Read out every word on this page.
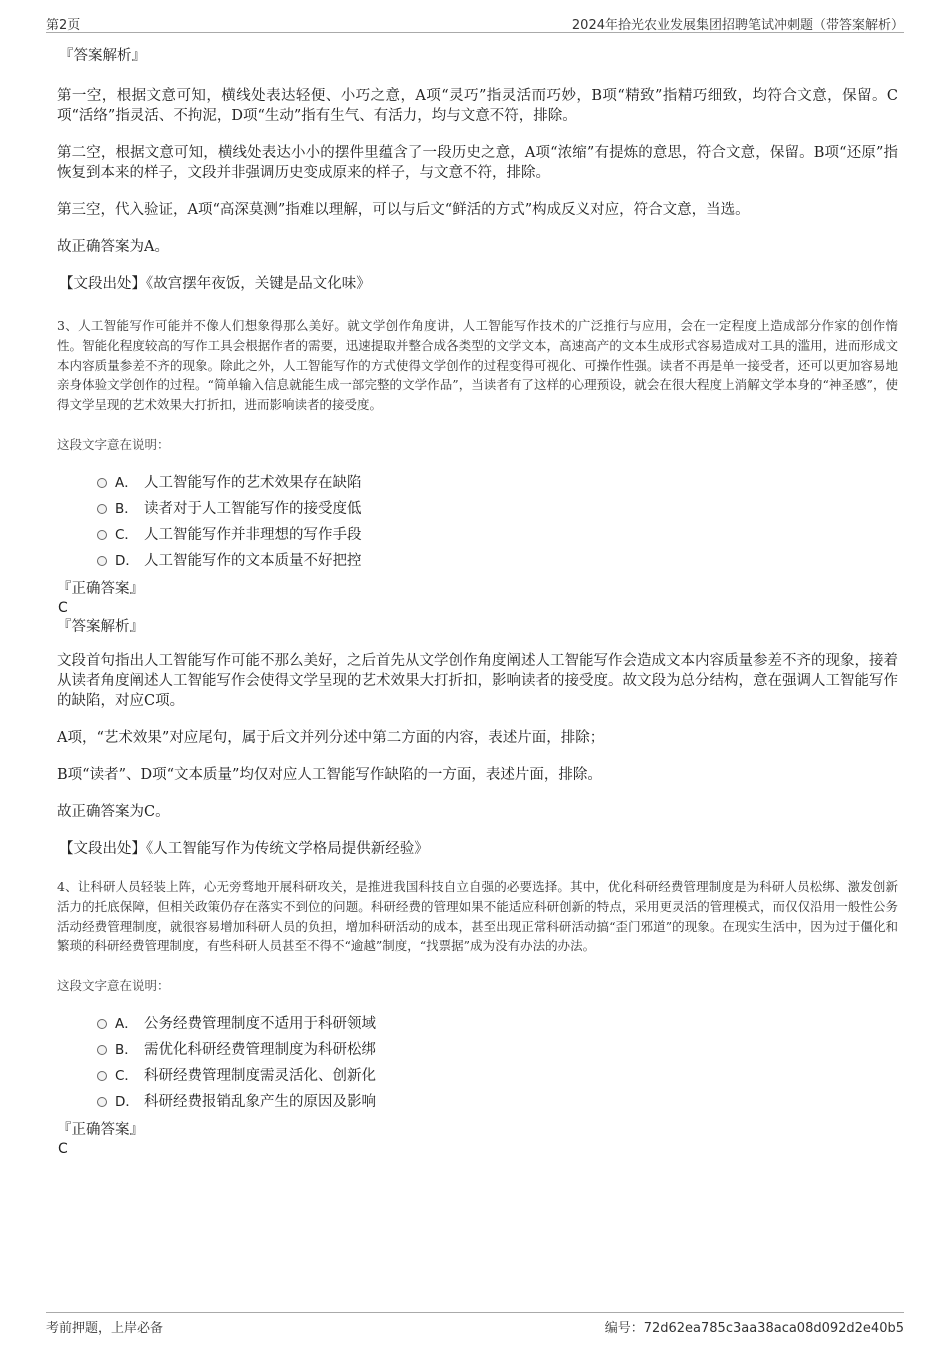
第2页	2024年拾光农业发展集团招聘笔试冲刺题（带答案解析）
『答案解析』

第一空，根据文意可知，横线处表达轻便、小巧之意，A项“灵巧”指灵活而巧妙，B项“精致”指精巧细致，均符合文意，保留。C项“活络”指灵活、不拘泥，D项“生动”指有生气、有活力，均与文意不符，排除。

第二空，根据文意可知，横线处表达小小的摆件里蕴含了一段历史之意，A项“浓缩”有提炼的意思，符合文意，保留。B项“还原”指恢复到本来的样子，文段并非强调历史变成原来的样子，与文意不符，排除。

第三空，代入验证，A项“高深莫测”指难以理解，可以与后文“鲜活的方式”构成反义对应，符合文意，当选。

故正确答案为A。

【文段出处】《故宫摆年夜饭，关键是品文化味》
3、人工智能写作可能并不像人们想象得那么美好。就文学创作角度讲，人工智能写作技术的广泛推行与应用，会在一定程度上造成部分作家的创作惰性。智能化程度较高的写作工具会根据作者的需要，迅速提取并整合成各类型的文学文本，高速高产的文本生成形式容易造成对工具的滥用，进而形成文本内容质量参差不齐的现象。除此之外，人工智能写作的方式使得文学创作的过程变得可视化、可操作性强。读者不再是单一接受者，还可以更加容易地亲身体验文学创作的过程。“简单输入信息就能生成一部完整的文学作品”，当读者有了这样的心理预设，就会在很大程度上消解文学本身的“神圣感”，使得文学呈现的艺术效果大打折扣，进而影响读者的接受度。
这段文字意在说明：
A． 人工智能写作的艺术效果存在缺陷
B． 读者对于人工智能写作的接受度低
C． 人工智能写作并非理想的写作手段
D． 人工智能写作的文本质量不好把控
『正确答案』
C
『答案解析』

文段首句指出人工智能写作可能不那么美好，之后首先从文学创作角度阐述人工智能写作会造成文本内容质量参差不齐的现象，接着从读者角度阐述人工智能写作会使得文学呈现的艺术效果大打折扣，影响读者的接受度。故文段为总分结构，意在强调人工智能写作的缺陷，对应C项。

A项，“艺术效果”对应尾句，属于后文并列分述中第二方面的内容，表述片面，排除；

B项“读者”、D项“文本质量”均仅对应人工智能写作缺陷的一方面，表述片面，排除。

故正确答案为C。

【文段出处】《人工智能写作为传统文学格局提供新经验》
4、让科研人员轻装上阵，心无旁骛地开展科研攻关，是推进我国科技自立自强的必要选择。其中，优化科研经费管理制度是为科研人员松绑、激发创新活力的托底保障，但相关政策仍存在落实不到位的问题。科研经费的管理如果不能适应科研创新的特点，采用更灵活的管理模式，而仅仅沿用一般性公务活动经费管理制度，就很容易增加科研人员的负担，增加科研活动的成本，甚至出现正常科研活动搞“歪门邪道”的现象。在现实生活中，因为过于僵化和繁琐的科研经费管理制度，有些科研人员甚至不得不“逾越”制度，“找票据”成为没有办法的办法。
这段文字意在说明：
A． 公务经费管理制度不适用于科研领域
B． 需优化科研经费管理制度为科研松绑
C． 科研经费管理制度需灵活化、创新化
D． 科研经费报销乱象产生的原因及影响
『正确答案』
C
考前押题，上岸必备	编号：72d62ea785c3aa38aca08d092d2e40b5
